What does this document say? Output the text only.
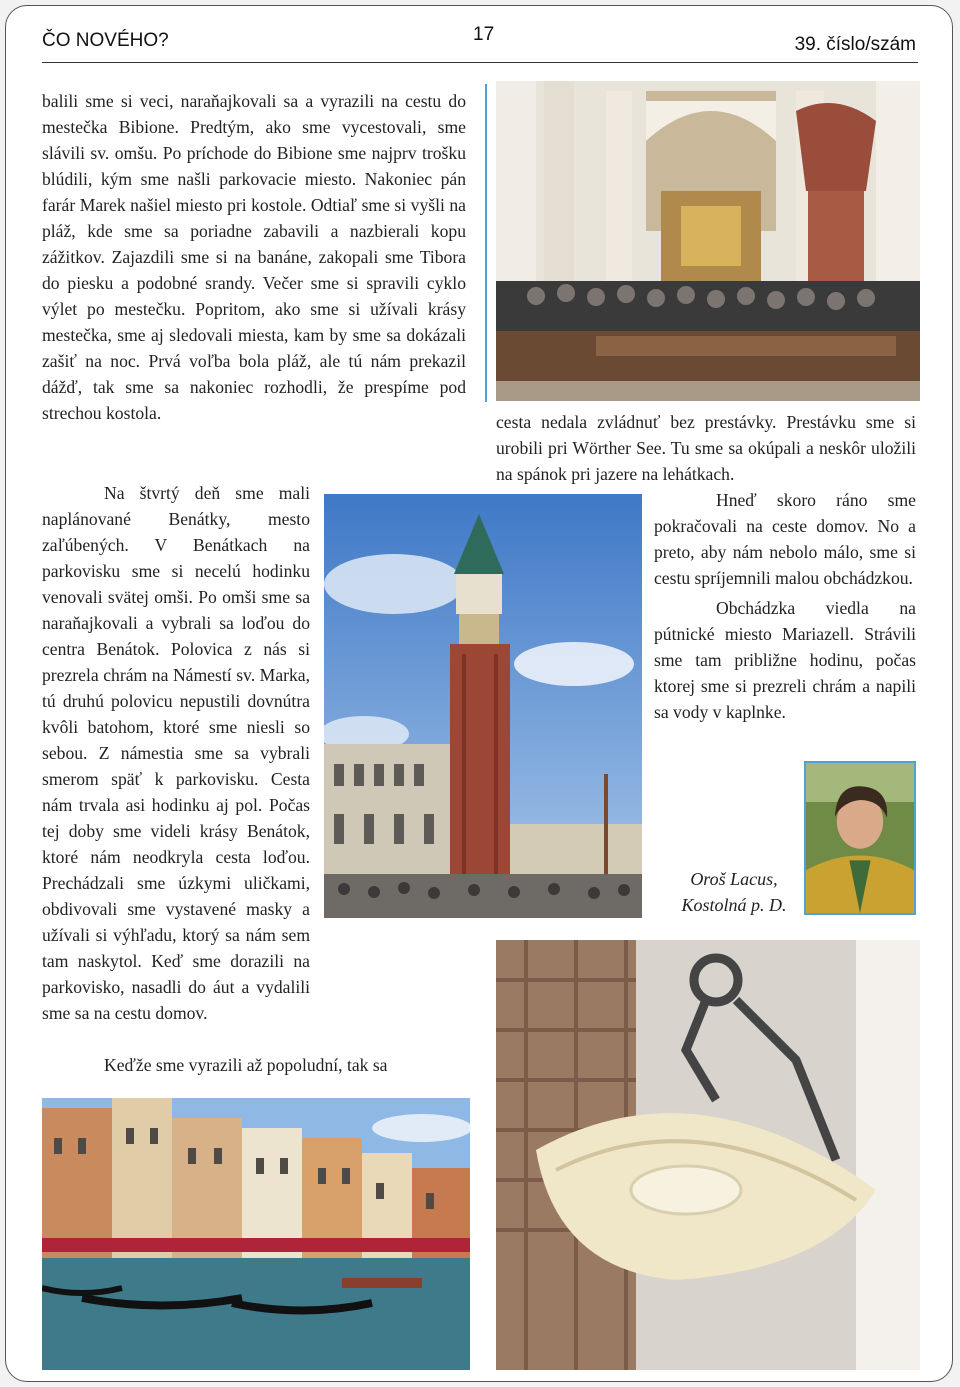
ČO NOVÉHO?	17	39. číslo/szám

balili sme si veci, naraňajkovali sa a vyrazili na cestu do mestečka Bibione. Predtým, ako sme vycestovali, sme slávili sv. omšu. Po príchode do Bibione sme najprv trošku blúdili, kým sme našli parkovacie miesto. Nakoniec pán farár Marek našiel miesto pri kostole. Odtiaľ sme si vyšli na pláž, kde sme sa poriadne zabavili a nazbierali kopu zážitkov. Zajazdili sme si na banáne, zakopali sme Tibora do piesku a podobné srandy. Večer sme si spravili cyklo výlet po mestečku. Popritom, ako sme si užívali krásy mestečka, sme aj sledovali miesta, kam by sme sa dokázali zašiť na noc. Prvá voľba bola pláž, ale tú nám prekazil dážď, tak sme sa nakoniec rozhodli, že prespíme pod strechou kostola.

Na štvrtý deň sme mali naplánované Benátky, mesto zaľúbených. V Benátkach na parkovisku sme si necelú hodinku venovali svätej omši. Po omši sme sa naraňajkovali a vybrali sa loďou do centra Benátok. Polovica z nás si prezrela chrám na Námestí sv. Marka, tú druhú polovicu nepustili dovnútra kvôli batohom, ktoré sme niesli so sebou. Z námestia sme sa vybrali smerom späť k parkovisku. Cesta nám trvala asi hodinku aj pol. Počas tej doby sme videli krásy Benátok, ktoré nám neodkryla cesta loďou. Prechádzali sme úzkymi uličkami, obdivovali sme vystavené masky a užívali si výhľadu, ktorý sa nám sem tam naskytol. Keď sme dorazili na parkovisko, nasadli do áut a vydalili sme sa na cestu domov.

Keďže sme vyrazili až popoludní, tak sa

cesta nedala zvládnuť bez prestávky. Prestávku sme si urobili pri Wörther See. Tu sme sa okúpali a neskôr uložili na spánok pri jazere na lehátkach.

Hneď skoro ráno sme pokračovali na ceste domov. No a preto, aby nám nebolo málo, sme si cestu spríjemnili malou obchádzkou.

Obchádzka viedla na pútnické miesto Mariazell. Strávili sme tam približne hodinu, počas ktorej sme si prezreli chrám a napili sa vody v kaplnke.

Oroš Lacus,
Kostolná p. D.
